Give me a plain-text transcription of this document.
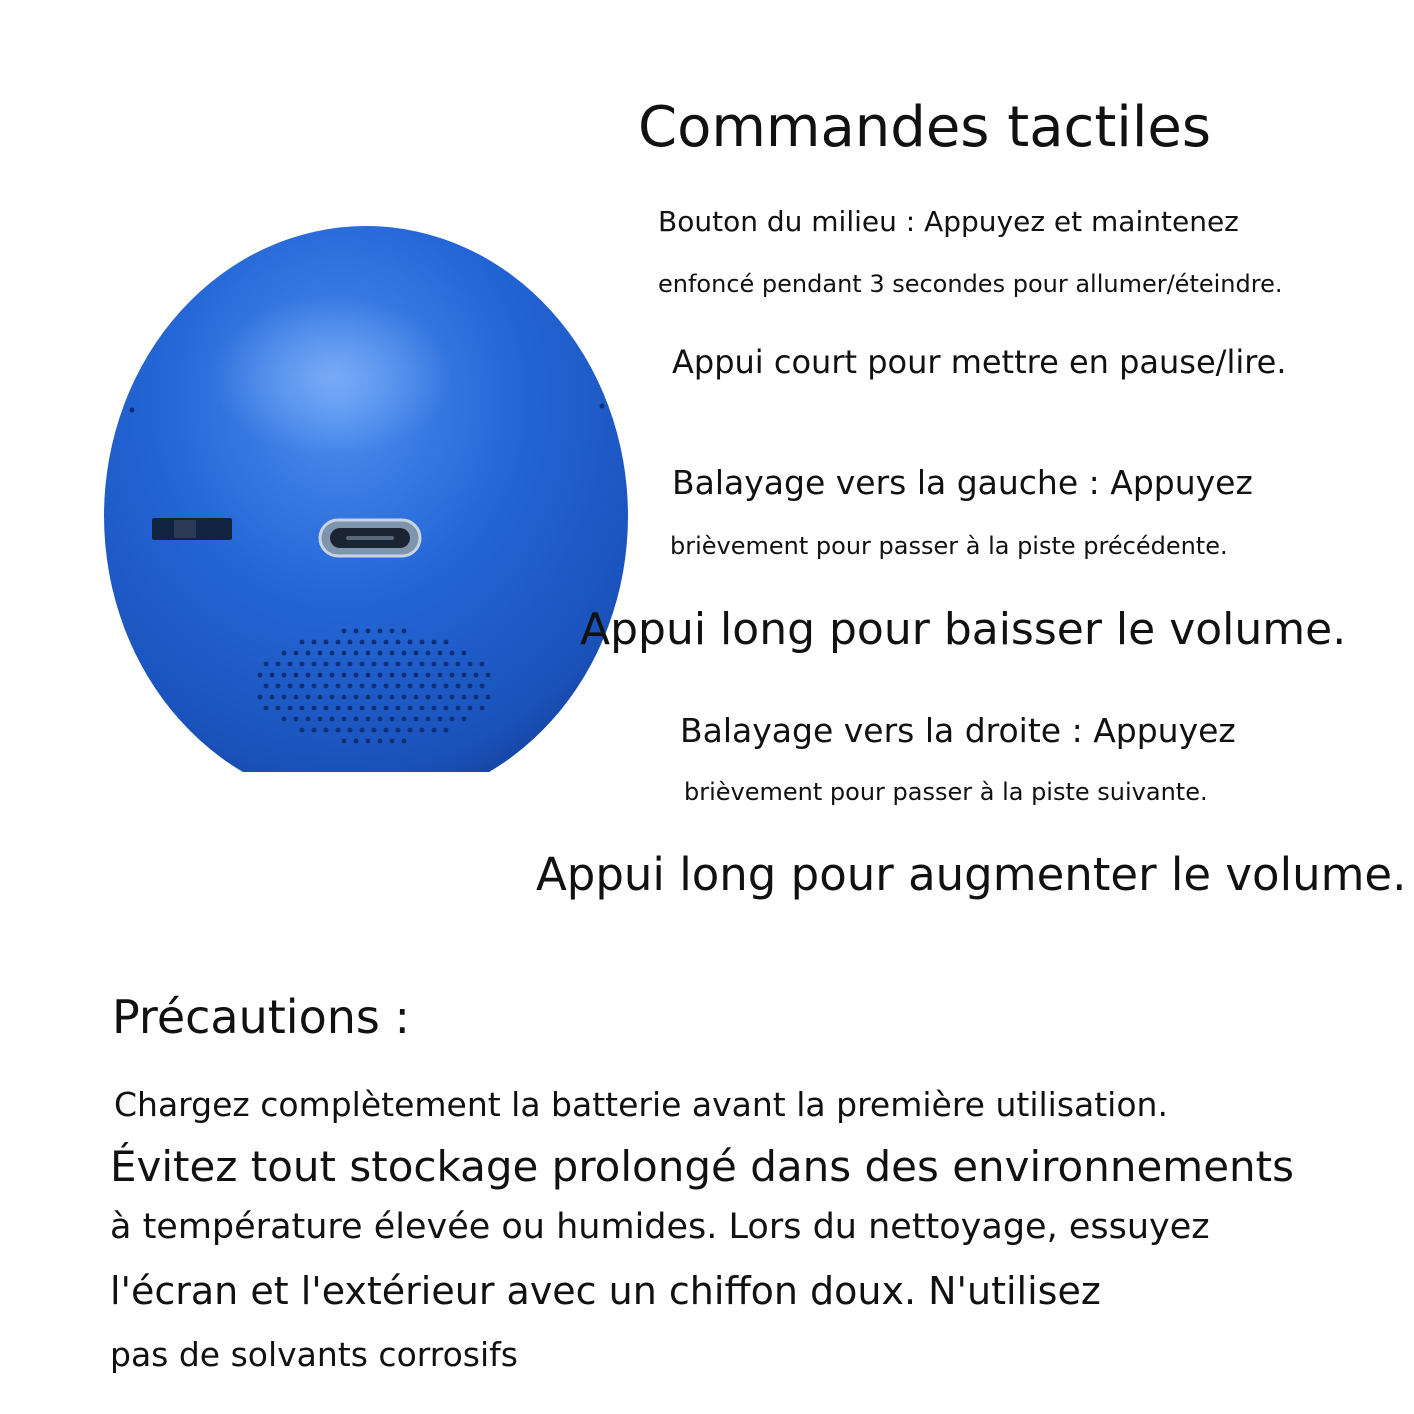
Commandes tactiles

Bouton du milieu : Appuyez et maintenez

enfoncé pendant 3 secondes pour allumer/éteindre.

Appui court pour mettre en pause/lire.

Balayage vers la gauche : Appuyez

brièvement pour passer à la piste précédente.

Appui long pour baisser le volume.

Balayage vers la droite : Appuyez

brièvement pour passer à la piste suivante.

Appui long pour augmenter le volume.

Précautions :

Chargez complètement la batterie avant la première utilisation.

Évitez tout stockage prolongé dans des environnements

à température élevée ou humides. Lors du nettoyage, essuyez

l'écran et l'extérieur avec un chiffon doux. N'utilisez

pas de solvants corrosifs
